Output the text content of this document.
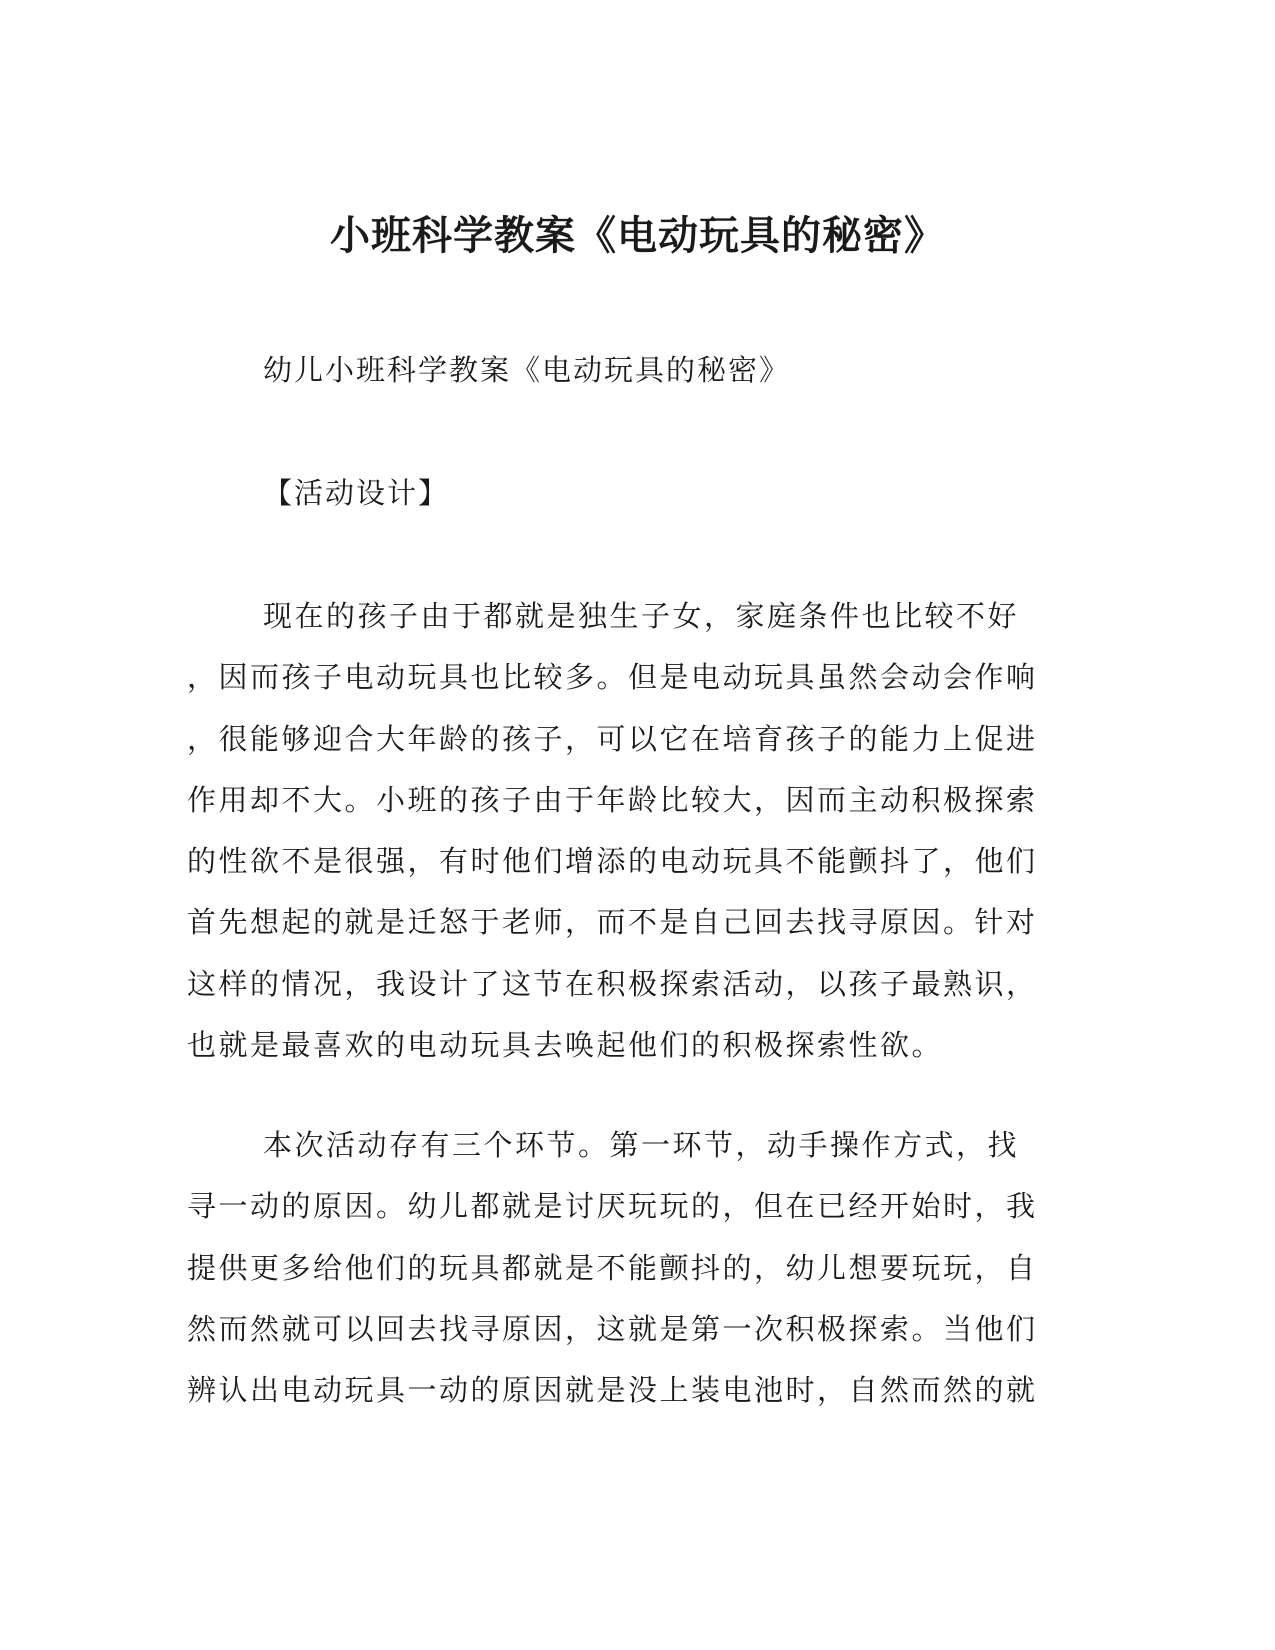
小班科学教案《电动玩具的秘密》

幼儿小班科学教案《电动玩具的秘密》

【活动设计】

现在的孩子由于都就是独生子女，家庭条件也比较不好
，因而孩子电动玩具也比较多。但是电动玩具虽然会动会作响
，很能够迎合大年龄的孩子，可以它在培育孩子的能力上促进
作用却不大。小班的孩子由于年龄比较大，因而主动积极探索
的性欲不是很强，有时他们增添的电动玩具不能颤抖了，他们
首先想起的就是迁怒于老师，而不是自己回去找寻原因。针对
这样的情况，我设计了这节在积极探索活动，以孩子最熟识，
也就是最喜欢的电动玩具去唤起他们的积极探索性欲。
本次活动存有三个环节。第一环节，动手操作方式，找
寻一动的原因。幼儿都就是讨厌玩玩的，但在已经开始时，我
提供更多给他们的玩具都就是不能颤抖的，幼儿想要玩玩，自
然而然就可以回去找寻原因，这就是第一次积极探索。当他们
辨认出电动玩具一动的原因就是没上装电池时，自然而然的就
